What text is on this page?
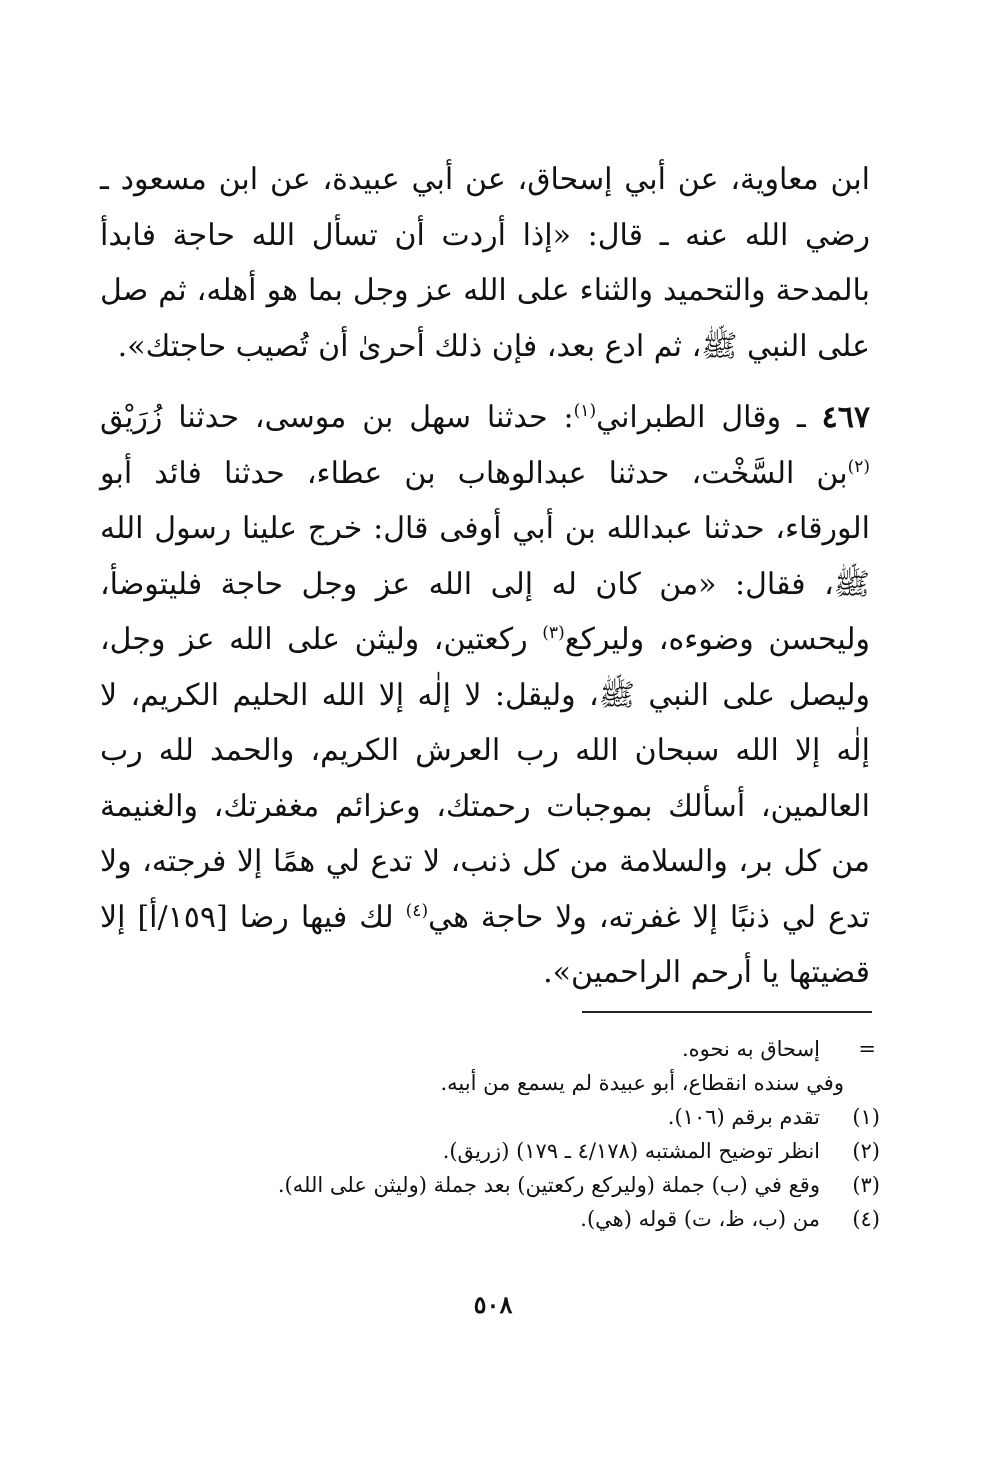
ابن معاوية، عن أبي إسحاق، عن أبي عبيدة، عن ابن مسعود ـ رضي الله عنه ـ قال: «إذا أردت أن تسأل الله حاجة فابدأ بالمدحة والتحميد والثناء على الله عز وجل بما هو أهله، ثم صل على النبي ﷺ، ثم ادع بعد، فإن ذلك أحرىٰ أن تُصيب حاجتك».

٤٦٧ ـ وقال الطبراني$^{(١)}$: حدثنا سهل بن موسى، حدثنا زُرَيْق $^{(٢)}$بن السَّخْت، حدثنا عبدالوهاب بن عطاء، حدثنا فائد أبو الورقاء، حدثنا عبدالله بن أبي أوفى قال: خرج علينا رسول الله ﷺ، فقال: «من كان له إلى الله عز وجل حاجة فليتوضأ، وليحسن وضوءه، وليركع$^{(٣)}$ ركعتين، وليثن على الله عز وجل، وليصل على النبي ﷺ، وليقل: لا إلٰه إلا الله الحليم الكريم، لا إلٰه إلا الله سبحان الله رب العرش الكريم، والحمد لله رب العالمين، أسألك بموجبات رحمتك، وعزائم مغفرتك، والغنيمة من كل بر، والسلامة من كل ذنب، لا تدع لي همًا إلا فرجته، ولا تدع لي ذنبًا إلا غفرته، ولا حاجة هي$^{(٤)}$ لك فيها رضا [١٥٩/أ] إلا قضيتها يا أرحم الراحمين».

=
إسحاق به نحوه.
وفي سنده انقطاع، أبو عبيدة لم يسمع من أبيه.
(١)تقدم برقم (١٠٦).
(٢)انظر توضيح المشتبه (٤/١٧٨ ـ ١٧٩) (زريق).
(٣)وقع في (ب) جملة (وليركع ركعتين) بعد جملة (وليثن على الله).
(٤)من (ب، ظ، ت) قوله (هي).
٥٠٨
